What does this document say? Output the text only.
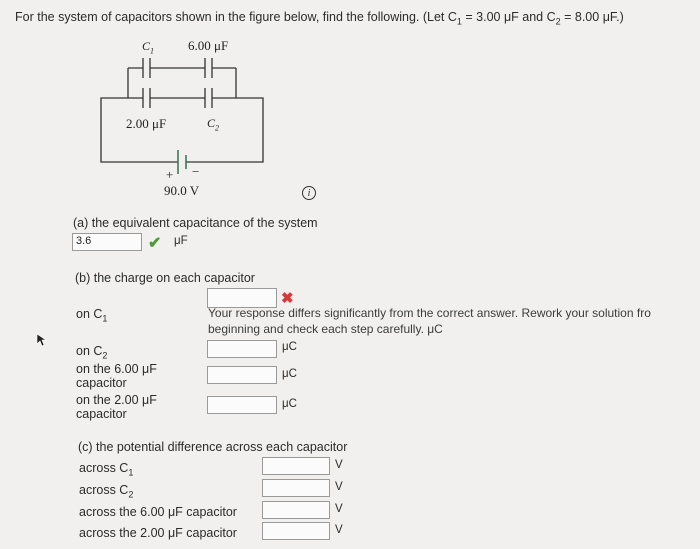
For the system of capacitors shown in the figure below, find the following. (Let $C_1 = 3.00$ μF and $C_2 = 8.00$ μF.)
$C_1$	6.00 μF
2.00 μF	$C_2$
+ −
90.0 V	i
(a) the equivalent capacitance of the system
3.6	✔ μF
(b) the charge on each capacitor
✖
on $C_1$	Your response differs significantly from the correct answer. Rework your solution fro
beginning and check each step carefully. μC
on $C_2$
μC
on the 6.00 μF
capacitor
μC
on the 2.00 μF
capacitor
μC
(c) the potential difference across each capacitor
across $C_1$
V
across $C_2$
V
across the 6.00 μF capacitor	V
across the 2.00 μF capacitor	V
